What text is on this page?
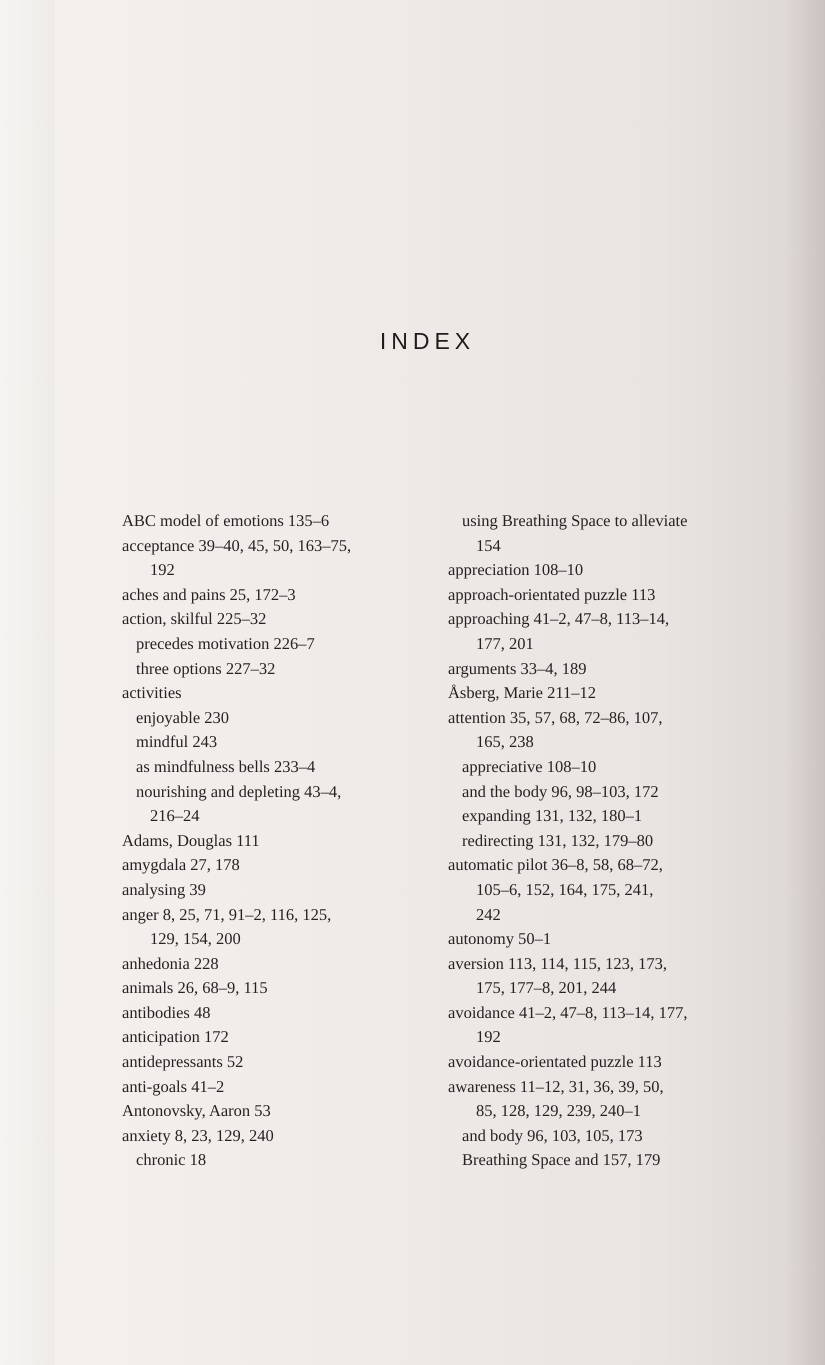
INDEX
ABC model of emotions 135–6
acceptance 39–40, 45, 50, 163–75,
192
aches and pains 25, 172–3
action, skilful 225–32
precedes motivation 226–7
three options 227–32
activities
enjoyable 230
mindful 243
as mindfulness bells 233–4
nourishing and depleting 43–4,
216–24
Adams, Douglas 111
amygdala 27, 178
analysing 39
anger 8, 25, 71, 91–2, 116, 125,
129, 154, 200
anhedonia 228
animals 26, 68–9, 115
antibodies 48
anticipation 172
antidepressants 52
anti-goals 41–2
Antonovsky, Aaron 53
anxiety 8, 23, 129, 240
chronic 18
using Breathing Space to alleviate
154
appreciation 108–10
approach-orientated puzzle 113
approaching 41–2, 47–8, 113–14,
177, 201
arguments 33–4, 189
Åsberg, Marie 211–12
attention 35, 57, 68, 72–86, 107,
165, 238
appreciative 108–10
and the body 96, 98–103, 172
expanding 131, 132, 180–1
redirecting 131, 132, 179–80
automatic pilot 36–8, 58, 68–72,
105–6, 152, 164, 175, 241,
242
autonomy 50–1
aversion 113, 114, 115, 123, 173,
175, 177–8, 201, 244
avoidance 41–2, 47–8, 113–14, 177,
192
avoidance-orientated puzzle 113
awareness 11–12, 31, 36, 39, 50,
85, 128, 129, 239, 240–1
and body 96, 103, 105, 173
Breathing Space and 157, 179
